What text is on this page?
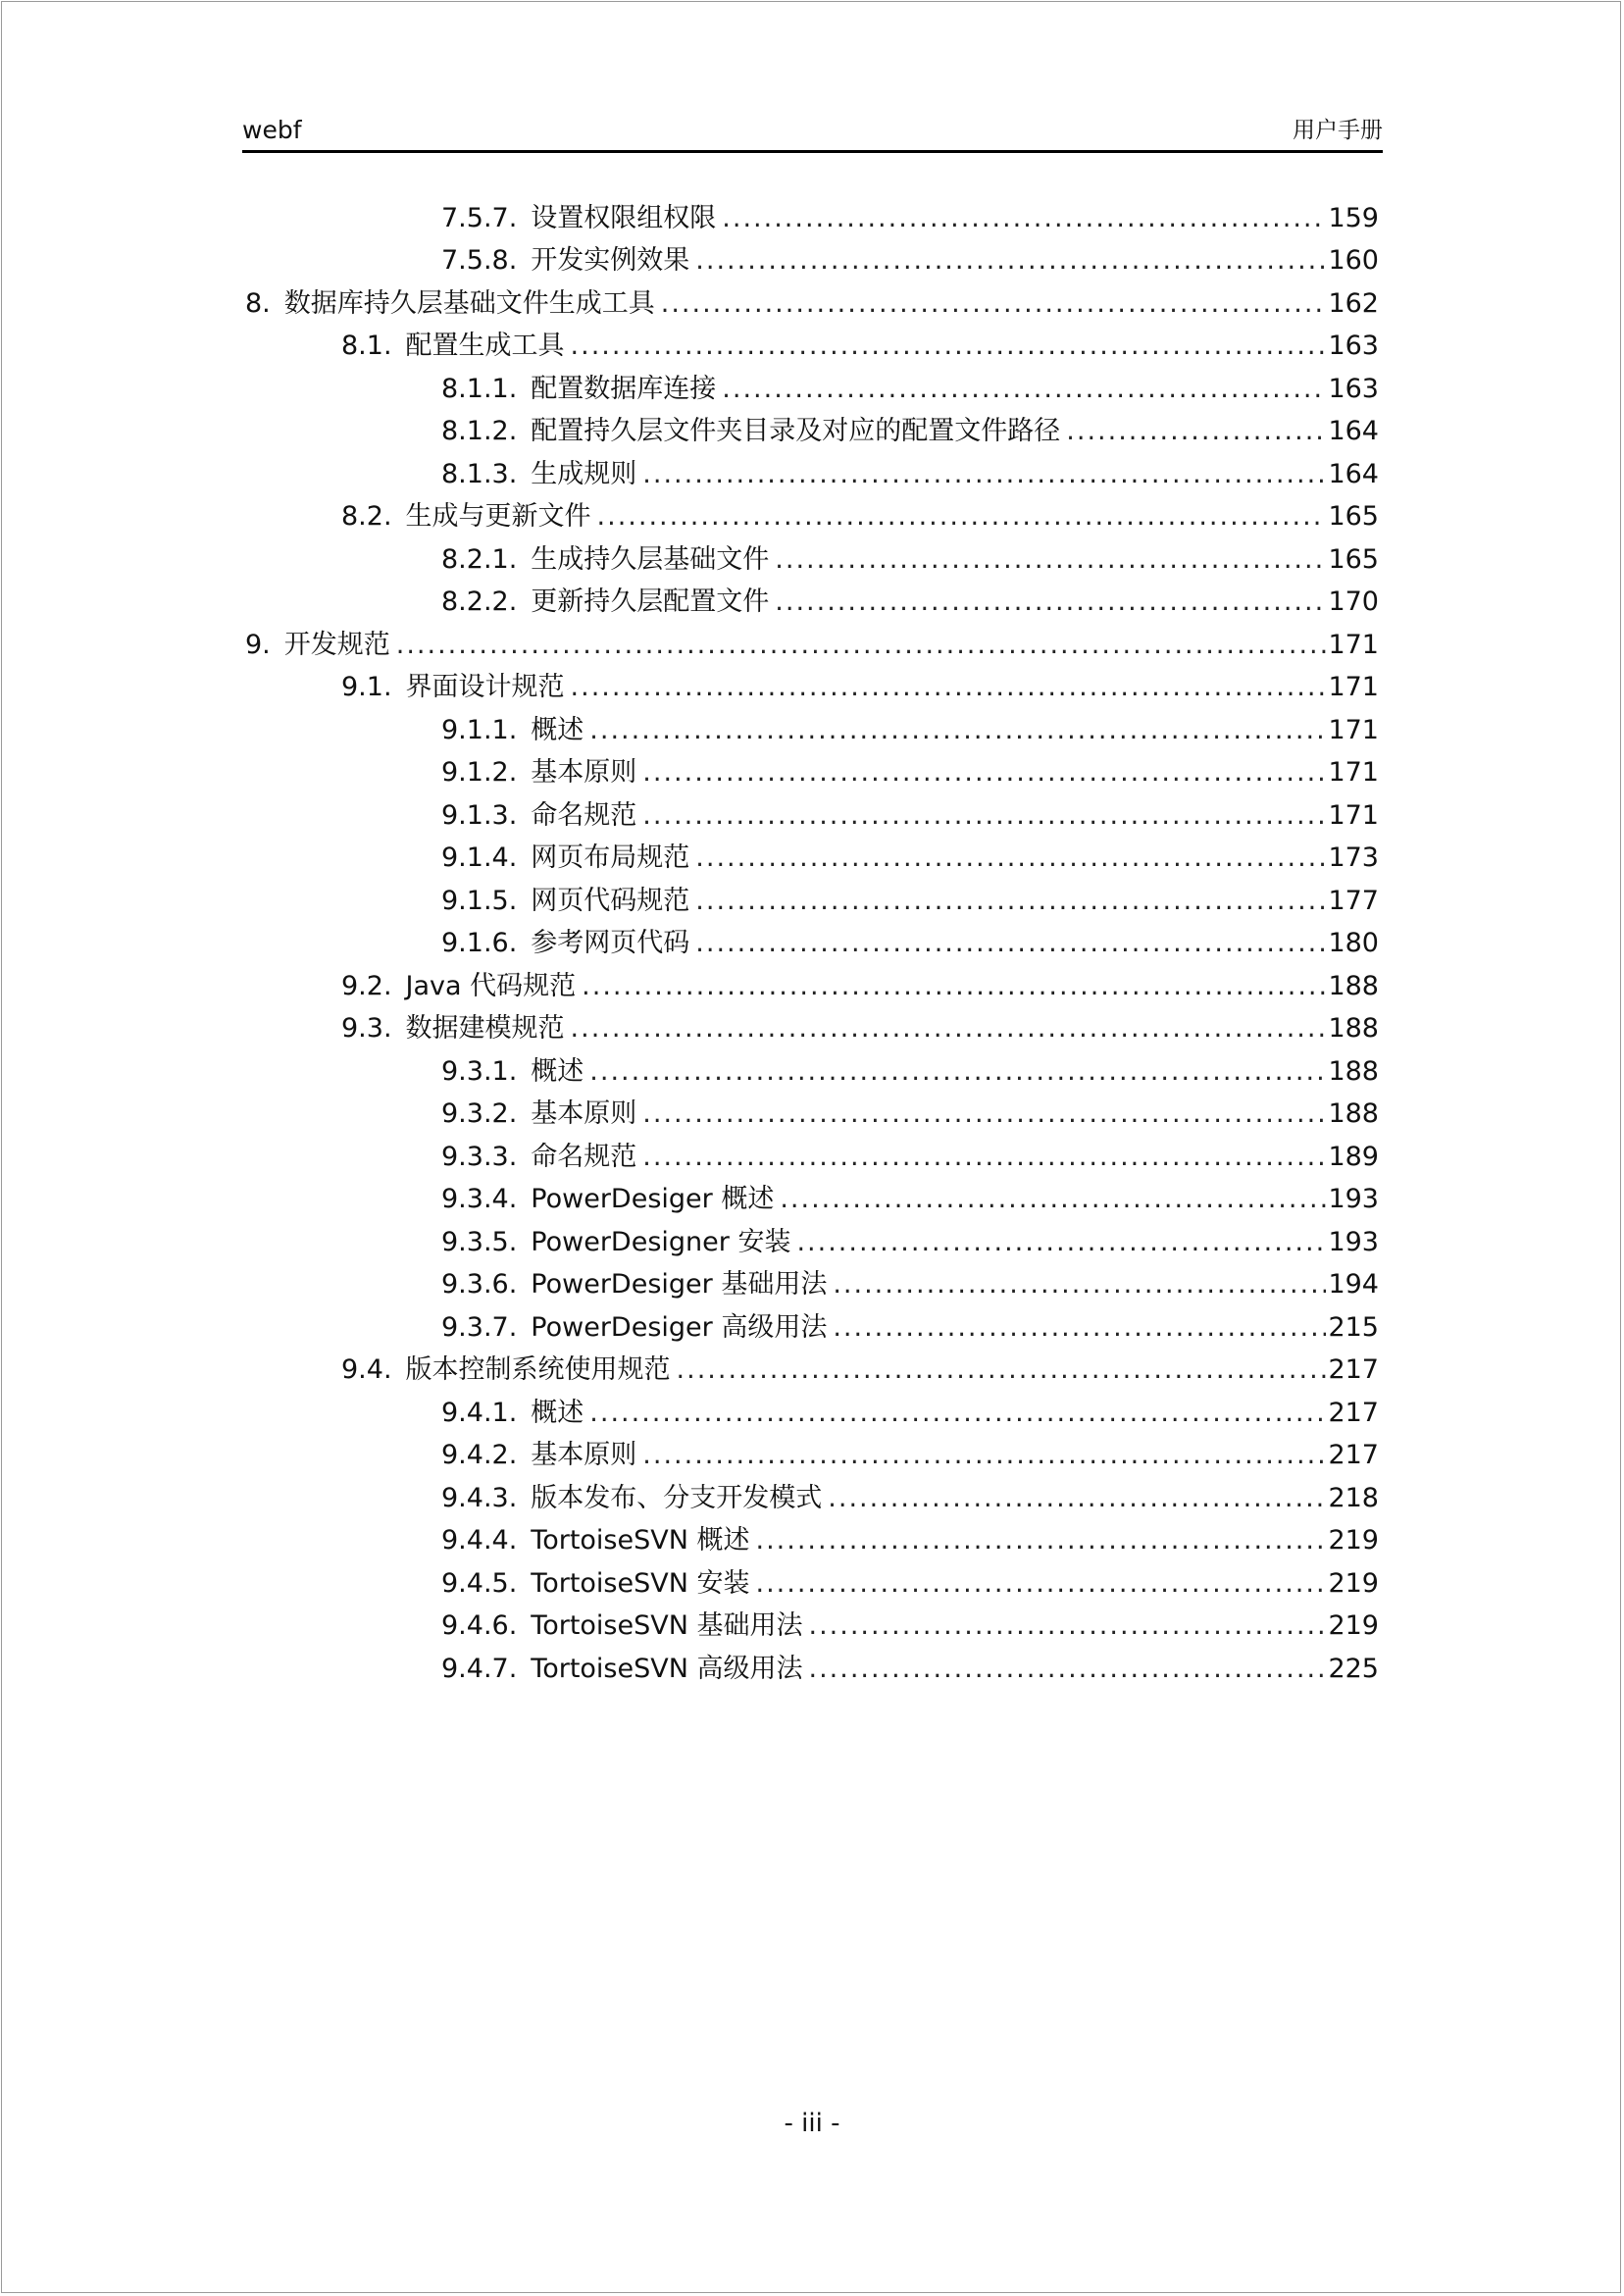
webf	用户手册
7.5.7. 设置权限组权限 .....	159
7.5.8. 开发实例效果 .....	160
8. 数据库持久层基础文件生成工具 .....	162
8.1. 配置生成工具 .....	163
8.1.1. 配置数据库连接 .....	163
8.1.2. 配置持久层文件夹目录及对应的配置文件路径 .....	164
8.1.3. 生成规则 .....	164
8.2. 生成与更新文件 .....	165
8.2.1. 生成持久层基础文件 .....	165
8.2.2. 更新持久层配置文件 .....	170
9. 开发规范 .....	171
9.1. 界面设计规范 .....	171
9.1.1. 概述 .....	171
9.1.2. 基本原则 .....	171
9.1.3. 命名规范 .....	171
9.1.4. 网页布局规范 .....	173
9.1.5. 网页代码规范 .....	177
9.1.6. 参考网页代码 .....	180
9.2. Java 代码规范 .....	188
9.3. 数据建模规范 .....	188
9.3.1. 概述 .....	188
9.3.2. 基本原则 .....	188
9.3.3. 命名规范 .....	189
9.3.4. PowerDesiger 概述 .....	193
9.3.5. PowerDesigner 安装 .....	193
9.3.6. PowerDesiger 基础用法 .....	194
9.3.7. PowerDesiger 高级用法 .....	215
9.4. 版本控制系统使用规范 .....	217
9.4.1. 概述 .....	217
9.4.2. 基本原则 .....	217
9.4.3. 版本发布、分支开发模式 .....	218
9.4.4. TortoiseSVN 概述 .....	219
9.4.5. TortoiseSVN 安装 .....	219
9.4.6. TortoiseSVN 基础用法 .....	219
9.4.7. TortoiseSVN 高级用法 .....	225
- iii -
